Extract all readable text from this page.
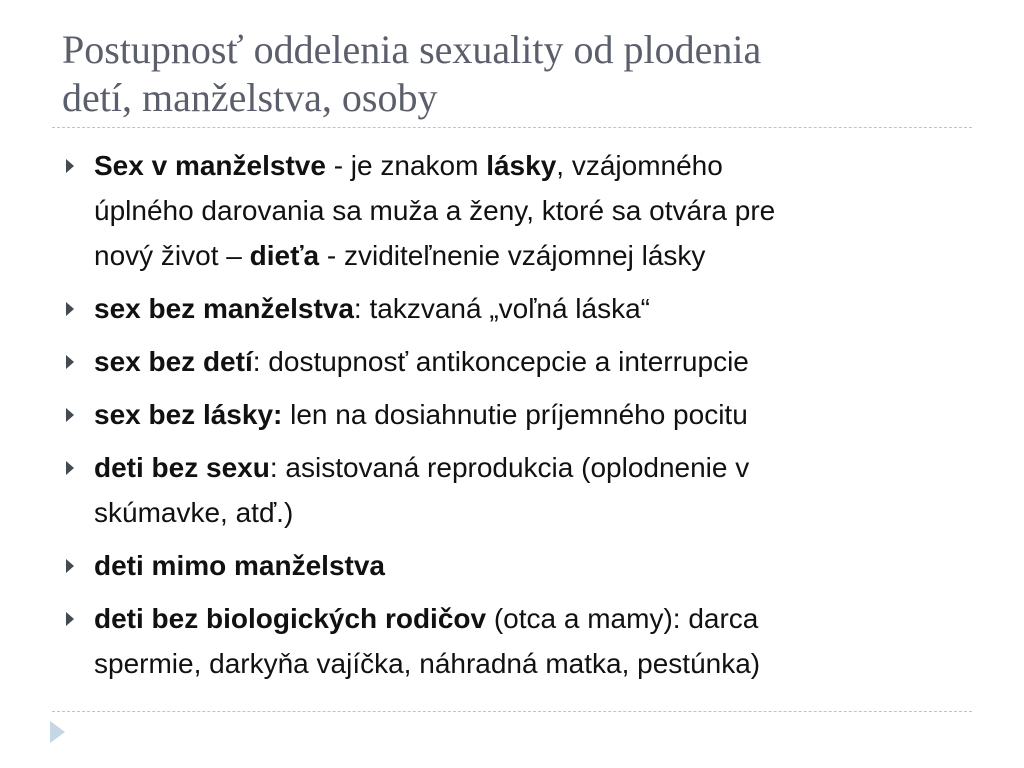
Postupnosť oddelenia sexuality od plodenia
detí, manželstva, osoby
Sex v manželstve - je znakom lásky, vzájomného
úplného darovania sa muža a ženy, ktoré sa otvára pre
nový život – dieťa - zviditeľnenie vzájomnej lásky
sex bez manželstva: takzvaná „voľná láska“
sex bez detí: dostupnosť antikoncepcie a interrupcie
sex bez lásky: len na dosiahnutie príjemného pocitu
deti bez sexu: asistovaná reprodukcia (oplodnenie v
skúmavke, atď.)
deti mimo manželstva
deti bez biologických rodičov (otca a mamy): darca
spermie, darkyňa vajíčka, náhradná matka, pestúnka)
